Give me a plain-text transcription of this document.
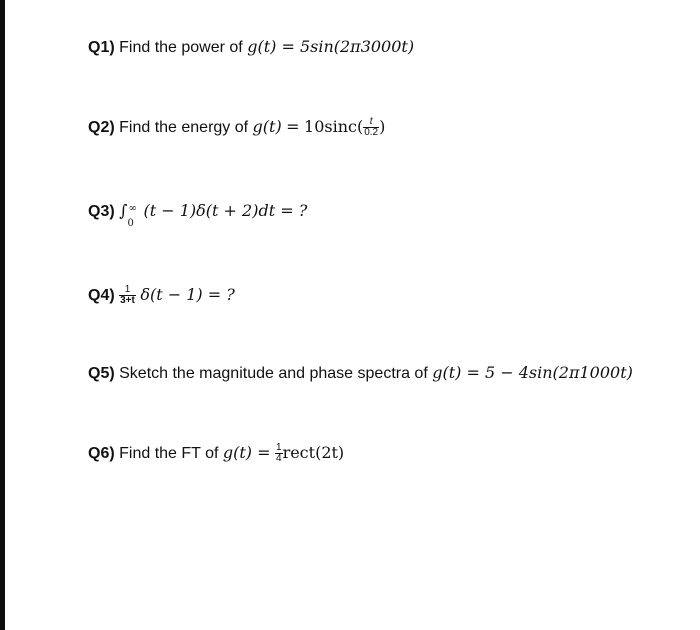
Q1) Find the power of g(t) = 5sin(2π3000t)
Q2) Find the energy of $g(t) = 10\sin c( \frac{t}{0.2}$ )
Q3) ∫ ∞
0
(t − 1)δ(t + 2)dt = ?
$Q4) \frac{1}{3+t} \delta(t - 1)$ = ?
Q5) Sketch the magnitude and phase spectra of g(t) = 5 − 4sin(2π1000t)
Q6) Find the FT of $g(t) = \frac{1}{4}$ rect(2t)
